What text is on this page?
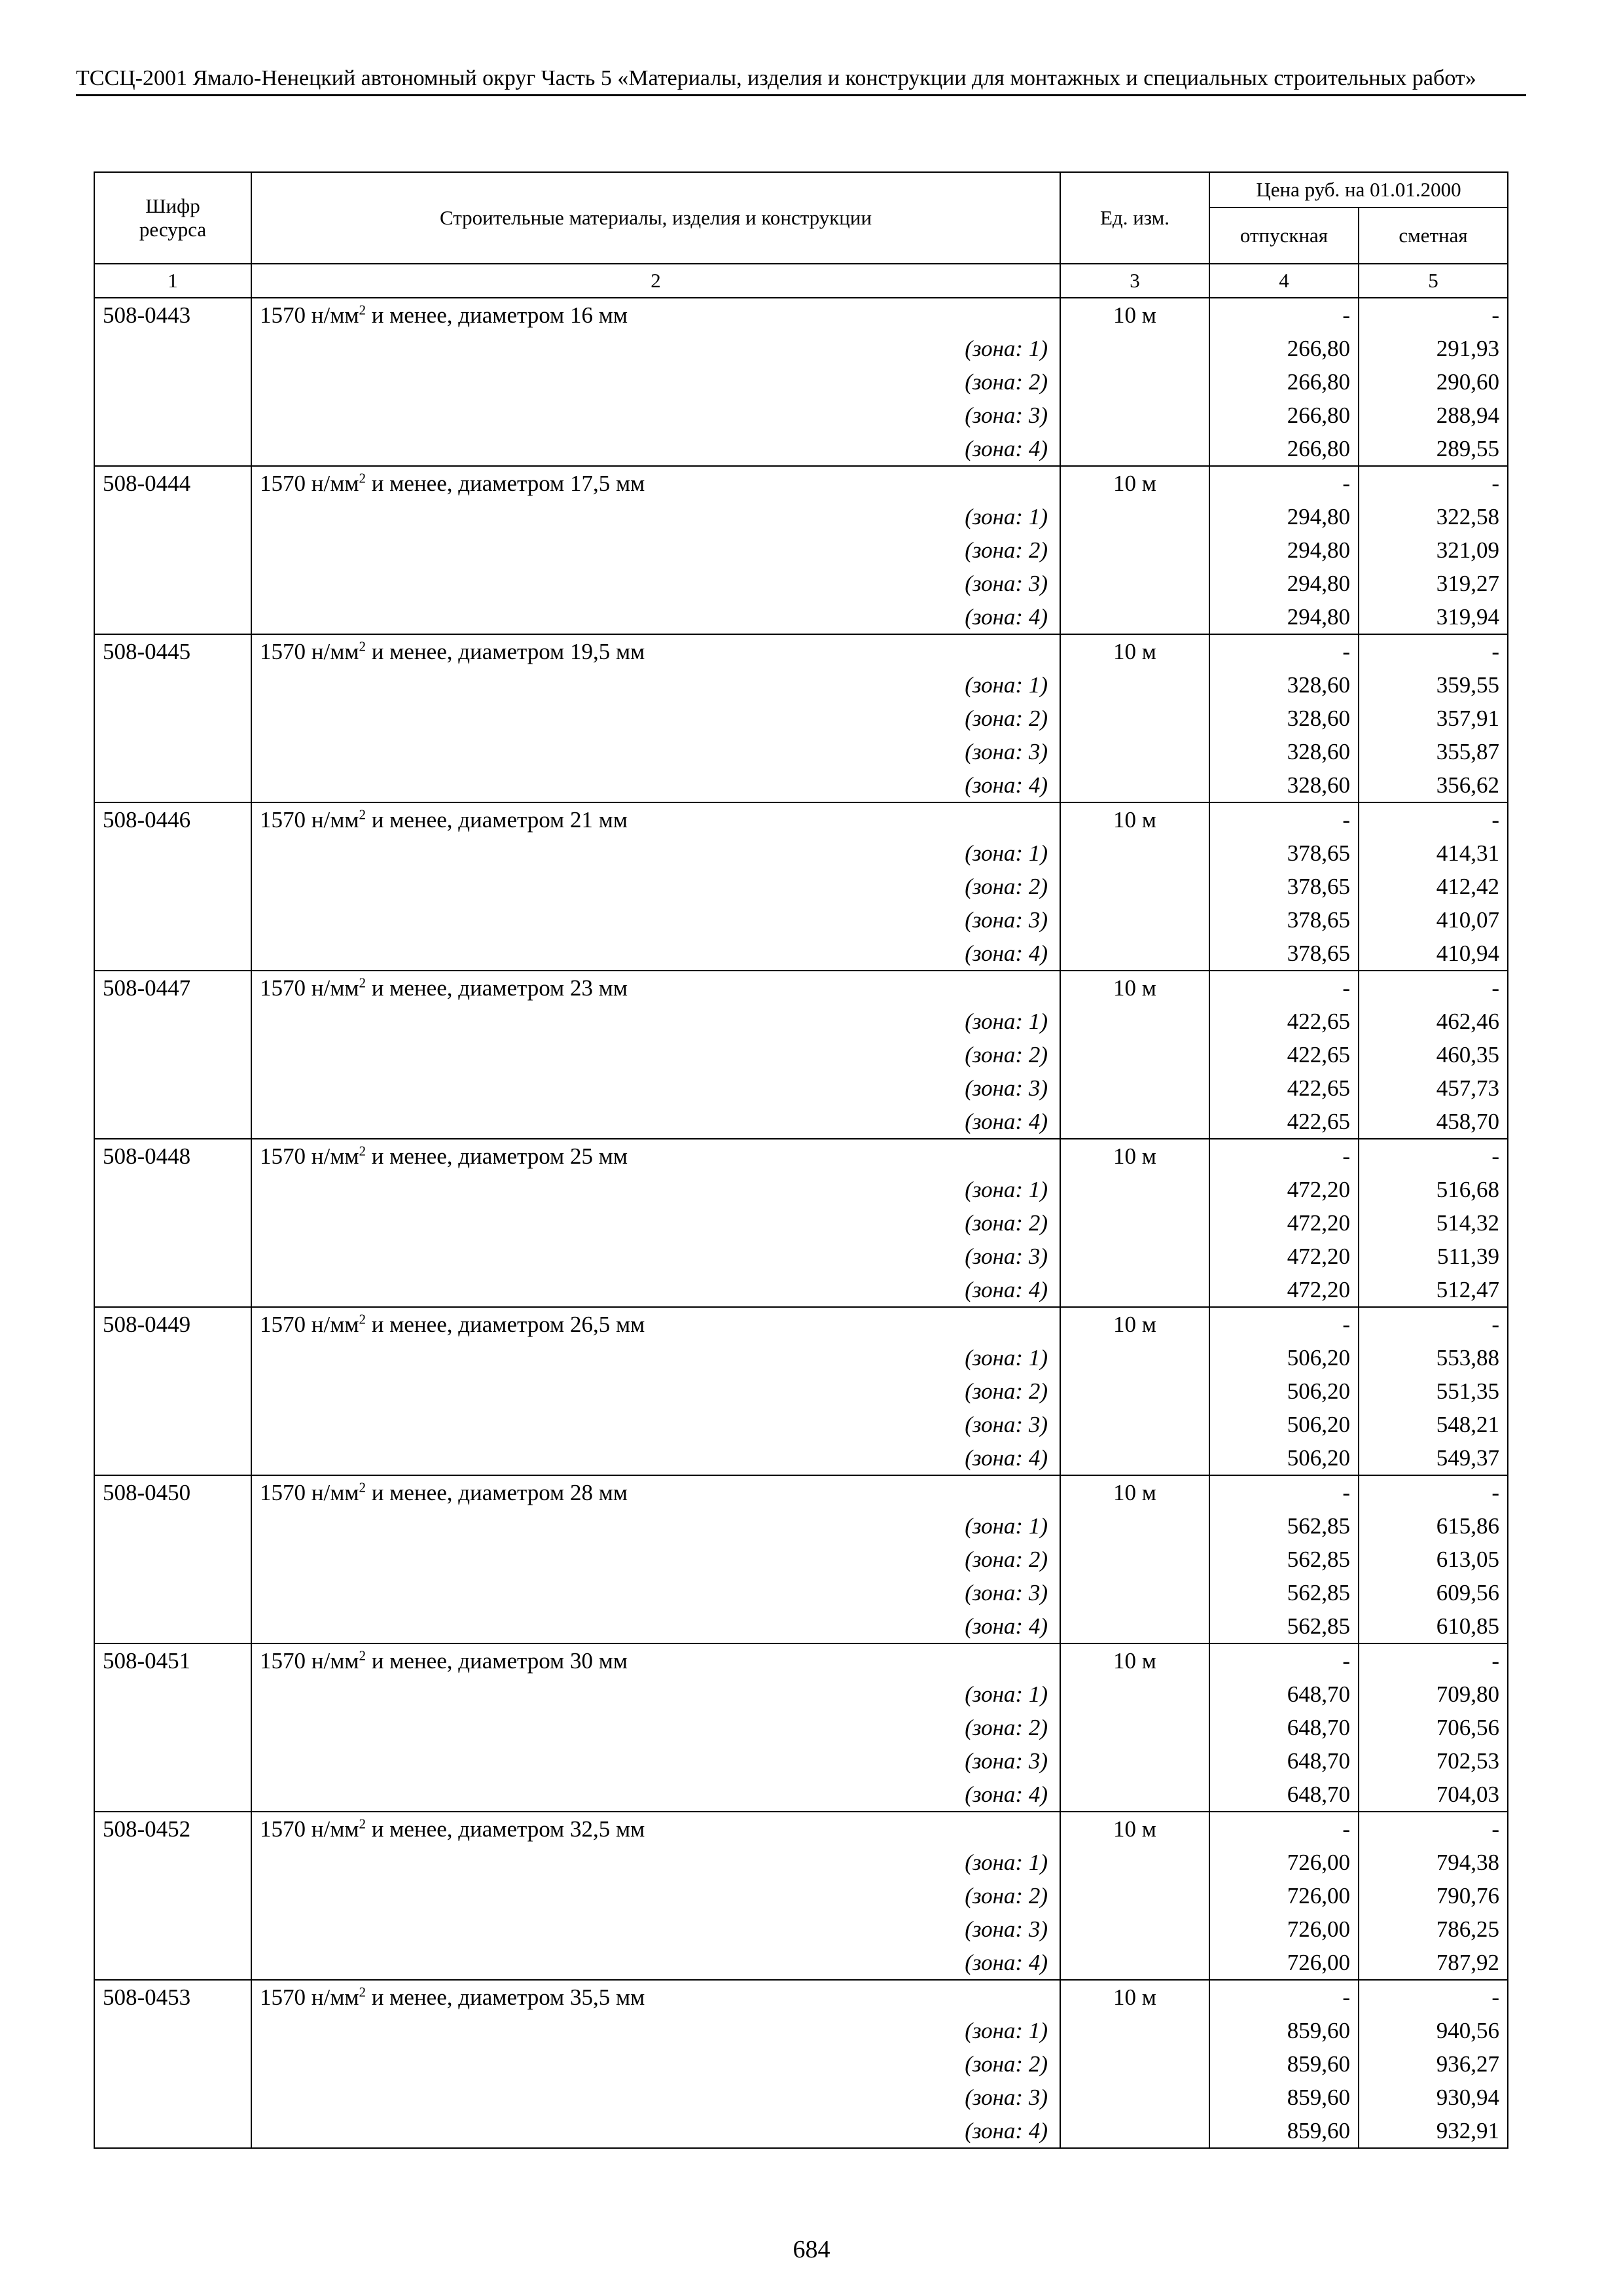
ТССЦ-2001 Ямало-Ненецкий автономный округ Часть 5 «Материалы, изделия и конструкции для монтажных и специальных строительных работ»
Шифр ресурса	Строительные материалы, изделия и конструкции	Ед. изм.	Цена руб. на 01.01.2000	
			отпускная	сметная
1	2	3	4	5
508-0443	1570 $н/мм^2$ и менее, диаметром 16 мм	10 м	-	-
	(зона: 1)		266,80	291,93
	(зона: 2)		266,80	290,60
	(зона: 3)		266,80	288,94
	(зона: 4)		266,80	289,55
508-0444	1570 $н/мм^2$ и менее, диаметром 17,5 мм	10 м	-	-
	(зона: 1)		294,80	322,58
	(зона: 2)		294,80	321,09
	(зона: 3)		294,80	319,27
	(зона: 4)		294,80	319,94
508-0445	1570 $н/мм^2$ и менее, диаметром 19,5 мм	10 м	-	-
	(зона: 1)		328,60	359,55
	(зона: 2)		328,60	357,91
	(зона: 3)		328,60	355,87
	(зона: 4)		328,60	356,62
508-0446	1570 $н/мм^2$ и менее, диаметром 21 мм	10 м	-	-
	(зона: 1)		378,65	414,31
	(зона: 2)		378,65	412,42
	(зона: 3)		378,65	410,07
	(зона: 4)		378,65	410,94
508-0447	1570 $н/мм^2$ и менее, диаметром 23 мм	10 м	-	-
	(зона: 1)		422,65	462,46
	(зона: 2)		422,65	460,35
	(зона: 3)		422,65	457,73
	(зона: 4)		422,65	458,70
508-0448	1570 $н/мм^2$ и менее, диаметром 25 мм	10 м	-	-
	(зона: 1)		472,20	516,68
	(зона: 2)		472,20	514,32
	(зона: 3)		472,20	511,39
	(зона: 4)		472,20	512,47
508-0449	1570 $н/мм^2$ и менее, диаметром 26,5 мм	10 м	-	-
	(зона: 1)		506,20	553,88
	(зона: 2)		506,20	551,35
	(зона: 3)		506,20	548,21
	(зона: 4)		506,20	549,37
508-0450	1570 $н/мм^2$ и менее, диаметром 28 мм	10 м	-	-
	(зона: 1)		562,85	615,86
	(зона: 2)		562,85	613,05
	(зона: 3)		562,85	609,56
	(зона: 4)		562,85	610,85
508-0451	1570 $н/мм^2$ и менее, диаметром 30 мм	10 м	-	-
	(зона: 1)		648,70	709,80
	(зона: 2)		648,70	706,56
	(зона: 3)		648,70	702,53
	(зона: 4)		648,70	704,03
508-0452	1570 $н/мм^2$ и менее, диаметром 32,5 мм	10 м	-	-
	(зона: 1)		726,00	794,38
	(зона: 2)		726,00	790,76
	(зона: 3)		726,00	786,25
	(зона: 4)		726,00	787,92
508-0453	1570 $н/мм^2$ и менее, диаметром 35,5 мм	10 м	-	-
	(зона: 1)		859,60	940,56
	(зона: 2)		859,60	936,27
	(зона: 3)		859,60	930,94
	(зона: 4)		859,60	932,91
684
